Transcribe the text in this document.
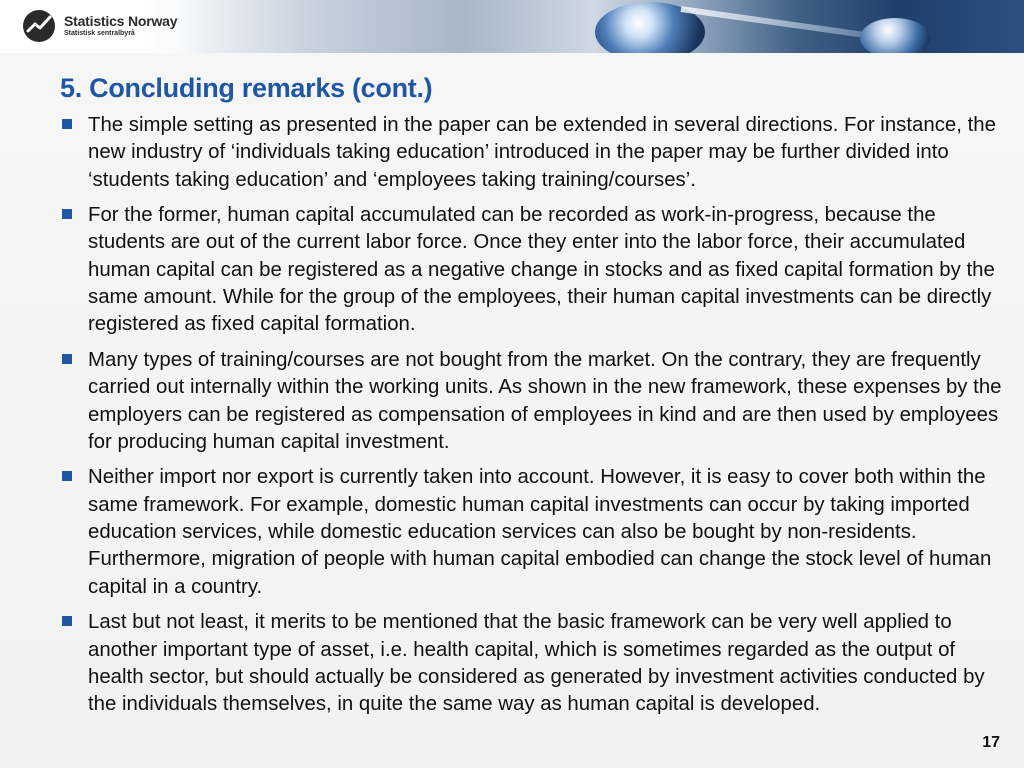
Statistics Norway
Statistisk sentralbyrå
5. Concluding remarks (cont.)
The simple setting as presented in the paper can be extended in several directions. For instance, the new industry of ‘individuals taking education’ introduced in the paper may be further divided into ‘students taking education’ and ‘employees taking training/courses’.
For the former, human capital accumulated can be recorded as work-in-progress, because the students are out of the current labor force. Once they enter into the labor force, their accumulated human capital can be registered as a negative change in stocks and as fixed capital formation by the same amount. While for the group of the employees, their human capital investments can be directly registered as fixed capital formation.
Many types of training/courses are not bought from the market. On the contrary, they are frequently carried out internally within the working units. As shown in the new framework, these expenses by the employers can be registered as compensation of employees in kind and are then used by employees for producing human capital investment.
Neither import nor export is currently taken into account. However, it is easy to cover both within the same framework. For example, domestic human capital investments can occur by taking imported education services, while domestic education services can also be bought by non-residents. Furthermore, migration of people with human capital embodied can change the stock level of human capital in a country.
Last but not least, it merits to be mentioned that the basic framework can be very well applied to another important type of asset, i.e. health capital, which is sometimes regarded as the output of health sector, but should actually be considered as generated by investment activities conducted by the individuals themselves, in quite the same way as human capital is developed.
17
